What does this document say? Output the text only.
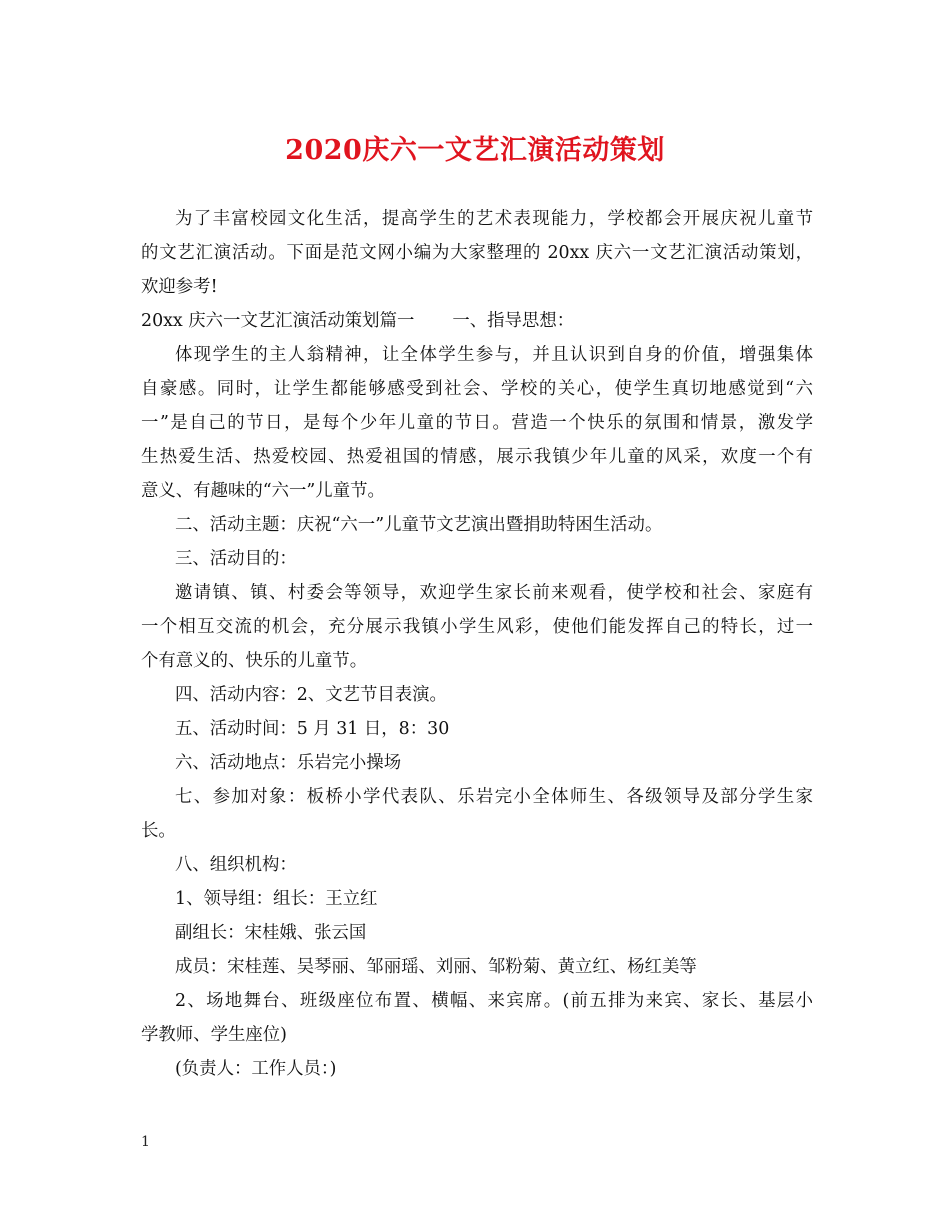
2020庆六一文艺汇演活动策划
为了丰富校园文化生活，提高学生的艺术表现能力，学校都会开展庆祝儿童节
的文艺汇演活动。下面是范文网小编为大家整理的 20xx 庆六一文艺汇演活动策划，
欢迎参考!
20xx 庆六一文艺汇演活动策划篇一 一、指导思想：
体现学生的主人翁精神，让全体学生参与，并且认识到自身的价值，增强集体
自豪感。同时，让学生都能够感受到社会、学校的关心，使学生真切地感觉到“六
一”是自己的节日，是每个少年儿童的节日。营造一个快乐的氛围和情景，激发学
生热爱生活、热爱校园、热爱祖国的情感，展示我镇少年儿童的风采，欢度一个有
意义、有趣味的“六一”儿童节。
二、活动主题：庆祝“六一”儿童节文艺演出暨捐助特困生活动。
三、活动目的：
邀请镇、镇、村委会等领导，欢迎学生家长前来观看，使学校和社会、家庭有
一个相互交流的机会，充分展示我镇小学生风彩，使他们能发挥自己的特长，过一
个有意义的、快乐的儿童节。
四、活动内容：2、文艺节目表演。
五、活动时间：5 月 31 日，8：30
六、活动地点：乐岩完小操场
七、参加对象：板桥小学代表队、乐岩完小全体师生、各级领导及部分学生家
长。
八、组织机构：
1、领导组：组长：王立红
副组长：宋桂娥、张云国
成员：宋桂莲、吴琴丽、邹丽瑶、刘丽、邹粉菊、黄立红、杨红美等
2、场地舞台、班级座位布置、横幅、来宾席。(前五排为来宾、家长、基层小
学教师、学生座位)
(负责人：工作人员：)
1
